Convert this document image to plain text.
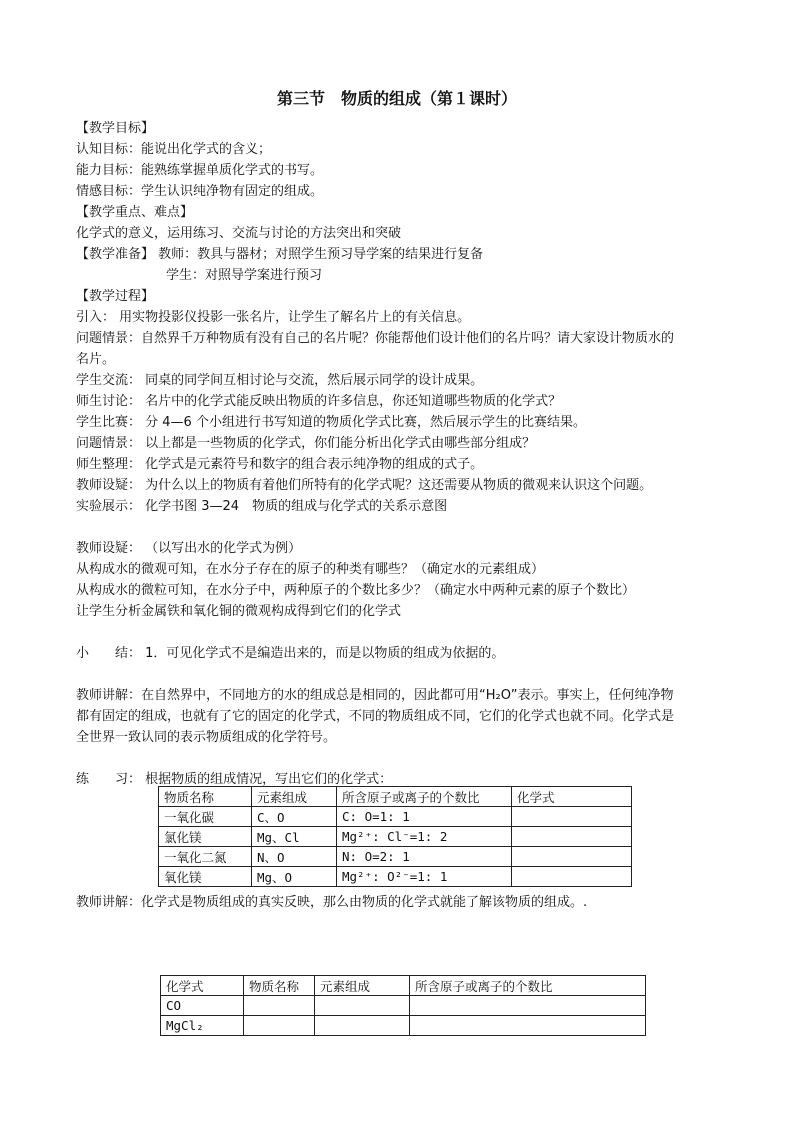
第三节　物质的组成（第１课时）
【教学目标】
认知目标：能说出化学式的含义；
能力目标：能熟练掌握单质化学式的书写。
情感目标：学生认识纯净物有固定的组成。
【教学重点、难点】
化学式的意义，运用练习、交流与讨论的方法突出和突破
【教学准备】 教师：教具与器材；对照学生预习导学案的结果进行复备
学生：对照导学案进行预习
【教学过程】
引入： 用实物投影仪投影一张名片，让学生了解名片上的有关信息。
问题情景：自然界千万种物质有没有自己的名片呢？你能帮他们设计他们的名片吗？请大家设计物质水的
名片。
学生交流： 同桌的同学间互相讨论与交流，然后展示同学的设计成果。
师生讨论： 名片中的化学式能反映出物质的许多信息，你还知道哪些物质的化学式？
学生比赛： 分 4—6 个小组进行书写知道的物质化学式比赛，然后展示学生的比赛结果。
问题情景： 以上都是一些物质的化学式，你们能分析出化学式由哪些部分组成？
师生整理： 化学式是元素符号和数字的组合表示纯净物的组成的式子。
教师设疑： 为什么以上的物质有着他们所特有的化学式呢？这还需要从物质的微观来认识这个问题。
实验展示： 化学书图 3—24　物质的组成与化学式的关系示意图
教师设疑： （以写出水的化学式为例）
从构成水的微观可知，在水分子存在的原子的种类有哪些？（确定水的元素组成）
从构成水的微粒可知，在水分子中，两种原子的个数比多少？（确定水中两种元素的原子个数比）
让学生分析金属铁和氧化铜的微观构成得到它们的化学式
小　　结： 1．可见化学式不是编造出来的，而是以物质的组成为依据的。
教师讲解：在自然界中，不同地方的水的组成总是相同的，因此都可用“H₂O”表示。事实上，任何纯净物
都有固定的组成，也就有了它的固定的化学式，不同的物质组成不同，它们的化学式也就不同。化学式是
全世界一致认同的表示物质组成的化学符号。
练　　习： 根据物质的组成情况，写出它们的化学式：
物质名称	元素组成	所含原子或离子的个数比	化学式
一氧化碳	C、O	C: O=1: 1	
氯化镁	Mg、Cl	Mg²⁺: Cl⁻=1: 2	
一氧化二氮	N、O	N: O=2: 1	
氧化镁	Mg、O	Mg²⁺: O²⁻=1: 1	
教师讲解：化学式是物质组成的真实反映，那么由物质的化学式就能了解该物质的组成。.
化学式	物质名称	元素组成	所含原子或离子的个数比
CO			
MgCl₂			
